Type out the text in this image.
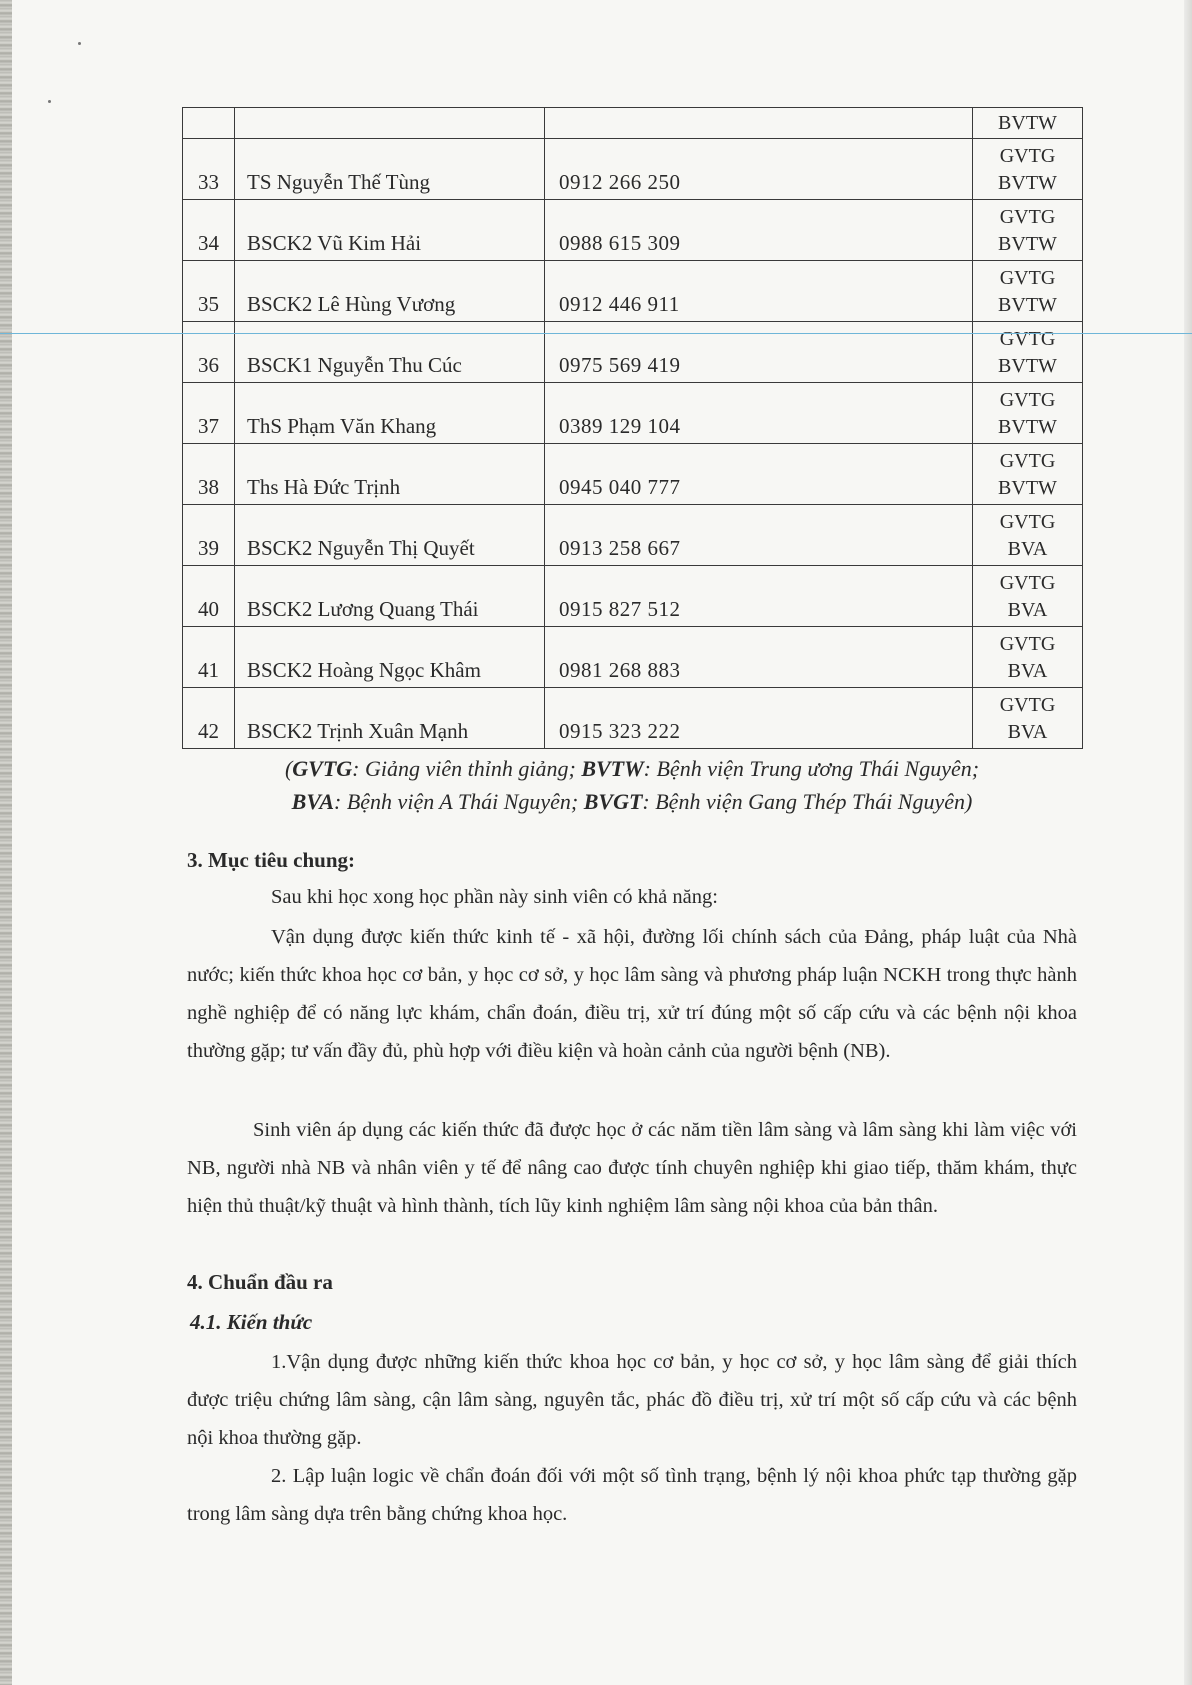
				BVTW

33	TS Nguyễn Thế Tùng	0912 266 250		GVTG
BVTW

34	BSCK2 Vũ Kim Hải	0988 615 309		GVTG
BVTW

35	BSCK2 Lê Hùng Vương	0912 446 911		GVTG
BVTW

36	BSCK1 Nguyễn Thu Cúc	0975 569 419		GVTG
BVTW

37	ThS Phạm Văn Khang	0389 129 104		GVTG
BVTW

38	Ths Hà Đức Trịnh	0945 040 777		GVTG
BVTW

39	BSCK2 Nguyễn Thị Quyết	0913 258 667		GVTG
BVA

40	BSCK2 Lương Quang Thái	0915 827 512		GVTG
BVA

41	BSCK2 Hoàng Ngọc Khâm	0981 268 883		GVTG
BVA

42	BSCK2 Trịnh Xuân Mạnh	0915 323 222		GVTG
BVA
(GVTG: Giảng viên thỉnh giảng; BVTW: Bệnh viện Trung ương Thái Nguyên;
BVA: Bệnh viện A Thái Nguyên; BVGT: Bệnh viện Gang Thép Thái Nguyên)
3. Mục tiêu chung:

Sau khi học xong học phần này sinh viên có khả năng:

Vận dụng được kiến thức kinh tế - xã hội, đường lối chính sách của Đảng, pháp luật của Nhà nước; kiến thức khoa học cơ bản, y học cơ sở, y học lâm sàng và phương pháp luận NCKH trong thực hành nghề nghiệp để có năng lực khám, chẩn đoán, điều trị, xử trí đúng một số cấp cứu và các bệnh nội khoa thường gặp; tư vấn đầy đủ, phù hợp với điều kiện và hoàn cảnh của người bệnh (NB).

Sinh viên áp dụng các kiến thức đã được học ở các năm tiền lâm sàng và lâm sàng khi làm việc với NB, người nhà NB và nhân viên y tế để nâng cao được tính chuyên nghiệp khi giao tiếp, thăm khám, thực hiện thủ thuật/kỹ thuật và hình thành, tích lũy kinh nghiệm lâm sàng nội khoa của bản thân.

4. Chuẩn đầu ra
4.1. Kiến thức

1.Vận dụng được những kiến thức khoa học cơ bản, y học cơ sở, y học lâm sàng để giải thích được triệu chứng lâm sàng, cận lâm sàng, nguyên tắc, phác đồ điều trị, xử trí một số cấp cứu và các bệnh nội khoa thường gặp.

2. Lập luận logic về chẩn đoán đối với một số tình trạng, bệnh lý nội khoa phức tạp thường gặp trong lâm sàng dựa trên bằng chứng khoa học.
